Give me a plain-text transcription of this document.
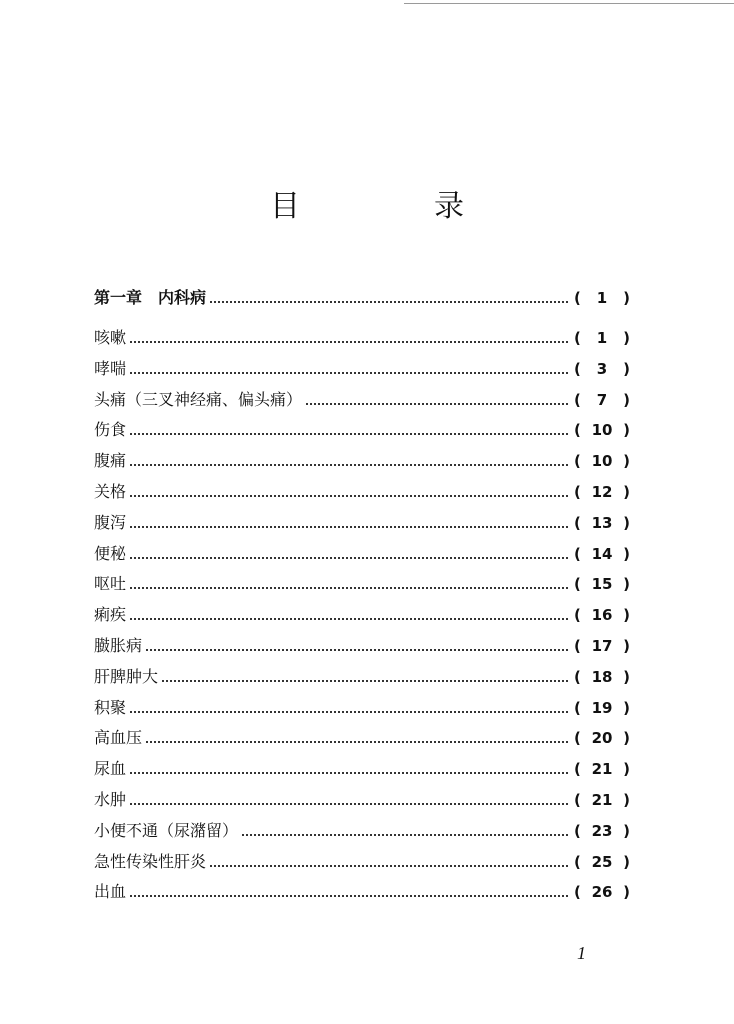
目　录
第一章 内科病	(	1	)
咳嗽	(	1	)
哮喘	(	3	)
头痛（三叉神经痛、偏头痛）	(	7	)
伤食	( 10 )
腹痛	( 10 )
关格	( 12 )
腹泻	( 13 )
便秘	( 14 )
呕吐	( 15 )
痢疾	( 16 )
臌胀病	( 17 )
肝脾肿大	( 18 )
积聚	( 19 )
高血压	( 20 )
尿血	( 21 )
水肿	( 21 )
小便不通（尿潴留）	( 23 )
急性传染性肝炎	( 25 )
出血	( 26 )
1
